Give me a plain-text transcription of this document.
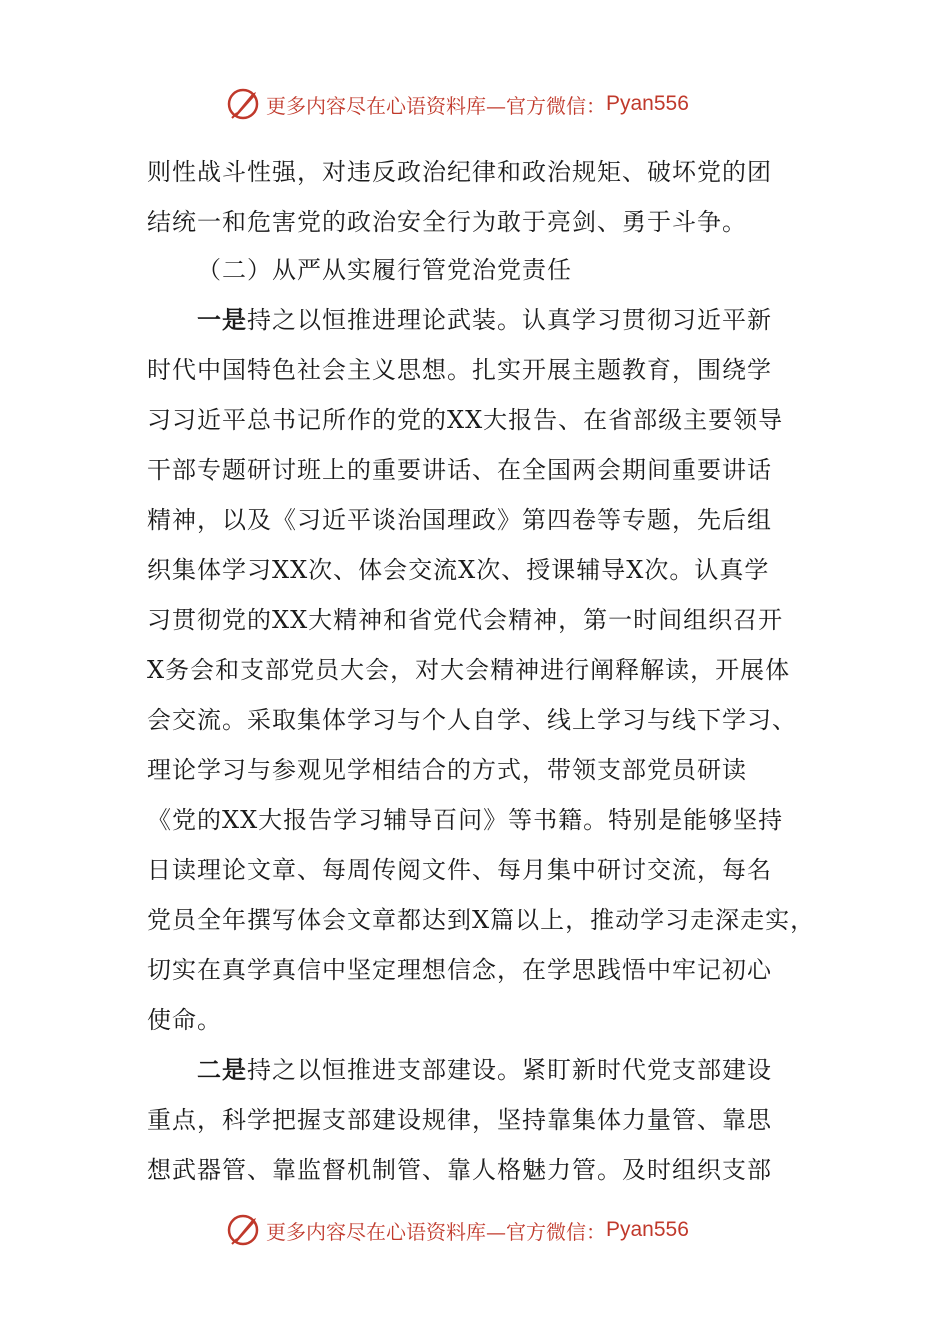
更多内容尽在心语资料库—官方微信： Pyan556
则性战斗性强，对违反政治纪律和政治规矩、破坏党的团
结统一和危害党的政治安全行为敢于亮剑、勇于斗争。
（二）从严从实履行管党治党责任
一是持之以恒推进理论武装。认真学习贯彻习近平新
时代中国特色社会主义思想。扎实开展主题教育，围绕学
习习近平总书记所作的党的XX大报告、在省部级主要领导
干部专题研讨班上的重要讲话、在全国两会期间重要讲话
精神，以及《习近平谈治国理政》第四卷等专题，先后组
织集体学习XX次、体会交流X次、授课辅导X次。认真学
习贯彻党的XX大精神和省党代会精神，第一时间组织召开
X务会和支部党员大会，对大会精神进行阐释解读，开展体
会交流。采取集体学习与个人自学、线上学习与线下学习、
理论学习与参观见学相结合的方式，带领支部党员研读
《党的XX大报告学习辅导百问》等书籍。特别是能够坚持
日读理论文章、每周传阅文件、每月集中研讨交流，每名
党员全年撰写体会文章都达到X篇以上，推动学习走深走实，
切实在真学真信中坚定理想信念，在学思践悟中牢记初心
使命。
二是持之以恒推进支部建设。紧盯新时代党支部建设
重点，科学把握支部建设规律，坚持靠集体力量管、靠思
想武器管、靠监督机制管、靠人格魅力管。及时组织支部
更多内容尽在心语资料库—官方微信： Pyan556
